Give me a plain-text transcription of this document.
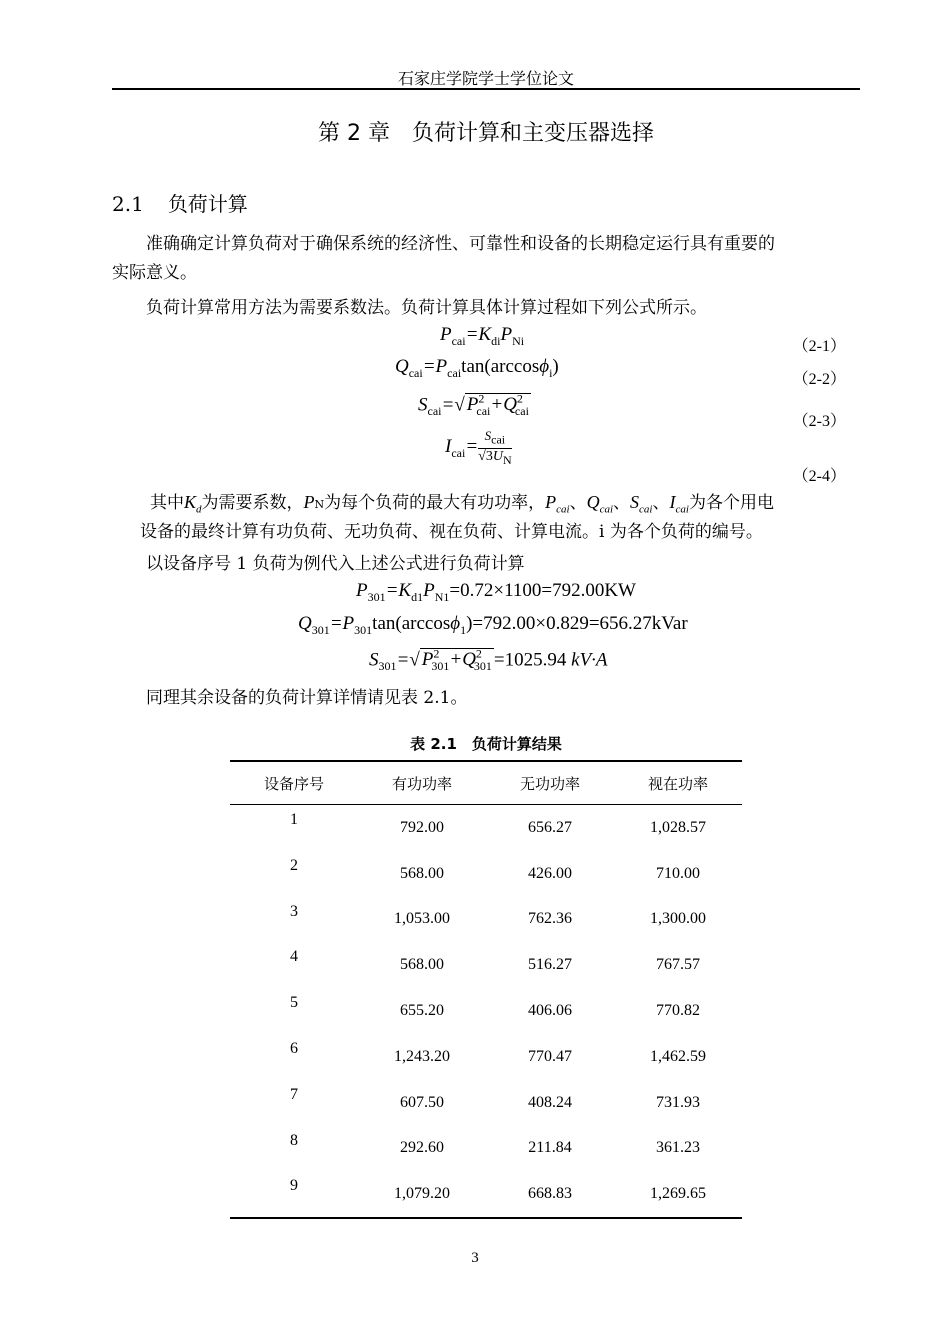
石家庄学院学士学位论文
第 2 章　负荷计算和主变压器选择
2.1 负荷计算
准确确定计算负荷对于确保系统的经济性、可靠性和设备的长期稳定运行具有重要的
实际意义。
负荷计算常用方法为需要系数法。负荷计算具体计算过程如下列公式所示。
$P_{cai}=K_{di}P_{Ni}$	（2-1）
$Q_{cai}=P_{cai}\tan(\arccos\phi_i)$
（2-2）
$S_{cai}=√$ $P^2_{cai}+Q^2_{cai}$
（2-3）
$I_{cai}= \frac{S_{cai}}{√3U_N}$
（2-4）
其中$K_d$为需要系数，PN为每个负荷的最大有功功率，$P_{cai}$、$Q_{cai}$、$S_{cai}$、$I_{cai}$为各个用电
设备的最终计算有功负荷、无功负荷、视在负荷、计算电流。i 为各个负荷的编号。
以设备序号 1 负荷为例代入上述公式进行负荷计算
$P_{301}=K_{d1}P_{N1}=0.72\times 1100=792.00KW$
$Q_{301}=P_{301}\tan(\arccos\phi_1)=792.00\times 0.829=656.27kVar$
$S_{301}=√$ $P^2_{301}+Q^2_{301} =1025.94$ kV·A
同理其余设备的负荷计算详情请见表 2.1。
表 2.1　负荷计算结果
设备序号	有功功率	无功功率	视在功率
1	792.00	656.27	1,028.57
2	568.00	426.00	710.00
3	1,053.00	762.36	1,300.00
4	568.00	516.27	767.57
5	655.20	406.06	770.82
6	1,243.20	770.47	1,462.59
7	607.50	408.24	731.93
8	292.60	211.84	361.23
9	1,079.20	668.83	1,269.65
3
